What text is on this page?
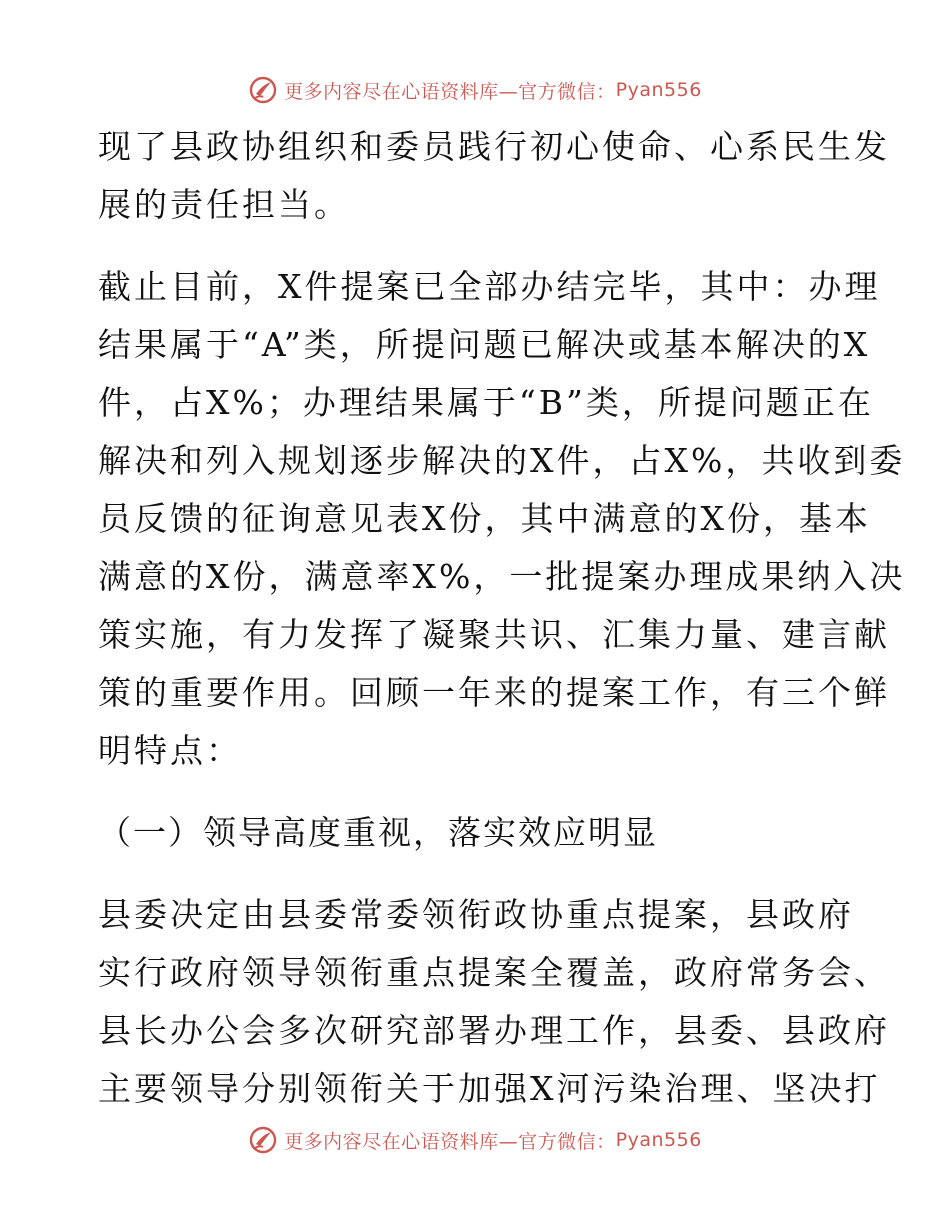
更多内容尽在心语资料库—官方微信： Pyan556
现了县政协组织和委员践行初心使命、心系民生发
展的责任担当。
截止目前，X件提案已全部办结完毕，其中：办理
结果属于“A”类，所提问题已解决或基本解决的X
件，占X%；办理结果属于“B”类，所提问题正在
解决和列入规划逐步解决的X件，占X%，共收到委
员反馈的征询意见表X份，其中满意的X份，基本
满意的X份，满意率X%，一批提案办理成果纳入决
策实施，有力发挥了凝聚共识、汇集力量、建言献
策的重要作用。回顾一年来的提案工作，有三个鲜
明特点：
（一）领导高度重视，落实效应明显
县委决定由县委常委领衔政协重点提案，县政府
实行政府领导领衔重点提案全覆盖，政府常务会、
县长办公会多次研究部署办理工作，县委、县政府
主要领导分别领衔关于加强X河污染治理、坚决打
更多内容尽在心语资料库—官方微信： Pyan556
